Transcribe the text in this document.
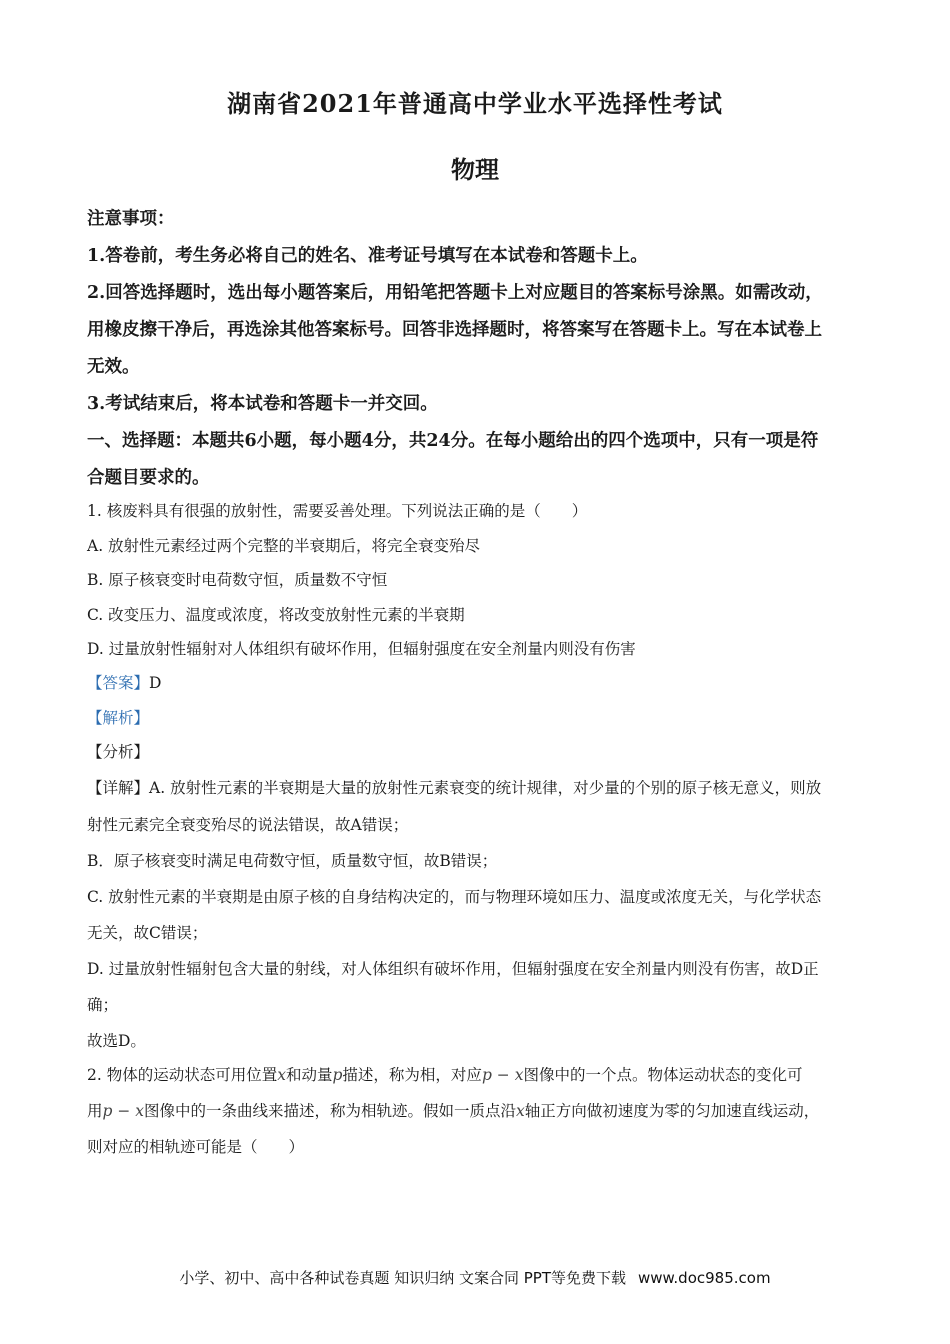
湖南省2021年普通高中学业水平选择性考试
物理
注意事项：
1.答卷前，考生务必将自己的姓名、准考证号填写在本试卷和答题卡上。
2.回答选择题时，选出每小题答案后，用铅笔把答题卡上对应题目的答案标号涂黑。如需改动，
用橡皮擦干净后，再选涂其他答案标号。回答非选择题时，将答案写在答题卡上。写在本试卷上
无效。
3.考试结束后，将本试卷和答题卡一并交回。
一、选择题：本题共6小题，每小题4分，共24分。在每小题给出的四个选项中，只有一项是符
合题目要求的。
1. 核废料具有很强的放射性，需要妥善处理。下列说法正确的是（　　）
A. 放射性元素经过两个完整的半衰期后，将完全衰变殆尽
B. 原子核衰变时电荷数守恒，质量数不守恒
C. 改变压力、温度或浓度，将改变放射性元素的半衰期
D. 过量放射性辐射对人体组织有破坏作用，但辐射强度在安全剂量内则没有伤害
【答案】D
【解析】
【分析】
【详解】A. 放射性元素的半衰期是大量的放射性元素衰变的统计规律，对少量的个别的原子核无意义，则放
射性元素完全衰变殆尽的说法错误，故A错误；
B．原子核衰变时满足电荷数守恒，质量数守恒，故B错误；
C. 放射性元素的半衰期是由原子核的自身结构决定的，而与物理环境如压力、温度或浓度无关，与化学状态
无关，故C错误；
D. 过量放射性辐射包含大量的射线，对人体组织有破坏作用，但辐射强度在安全剂量内则没有伤害，故D正
确；
故选D。
2. 物体的运动状态可用位置x和动量p描述，称为相，对应p − x图像中的一个点。物体运动状态的变化可
用p − x图像中的一条曲线来描述，称为相轨迹。假如一质点沿x轴正方向做初速度为零的匀加速直线运动，
则对应的相轨迹可能是（　　）
小学、初中、高中各种试卷真题 知识归纳 文案合同 PPT等免费下载 www.doc985.com
